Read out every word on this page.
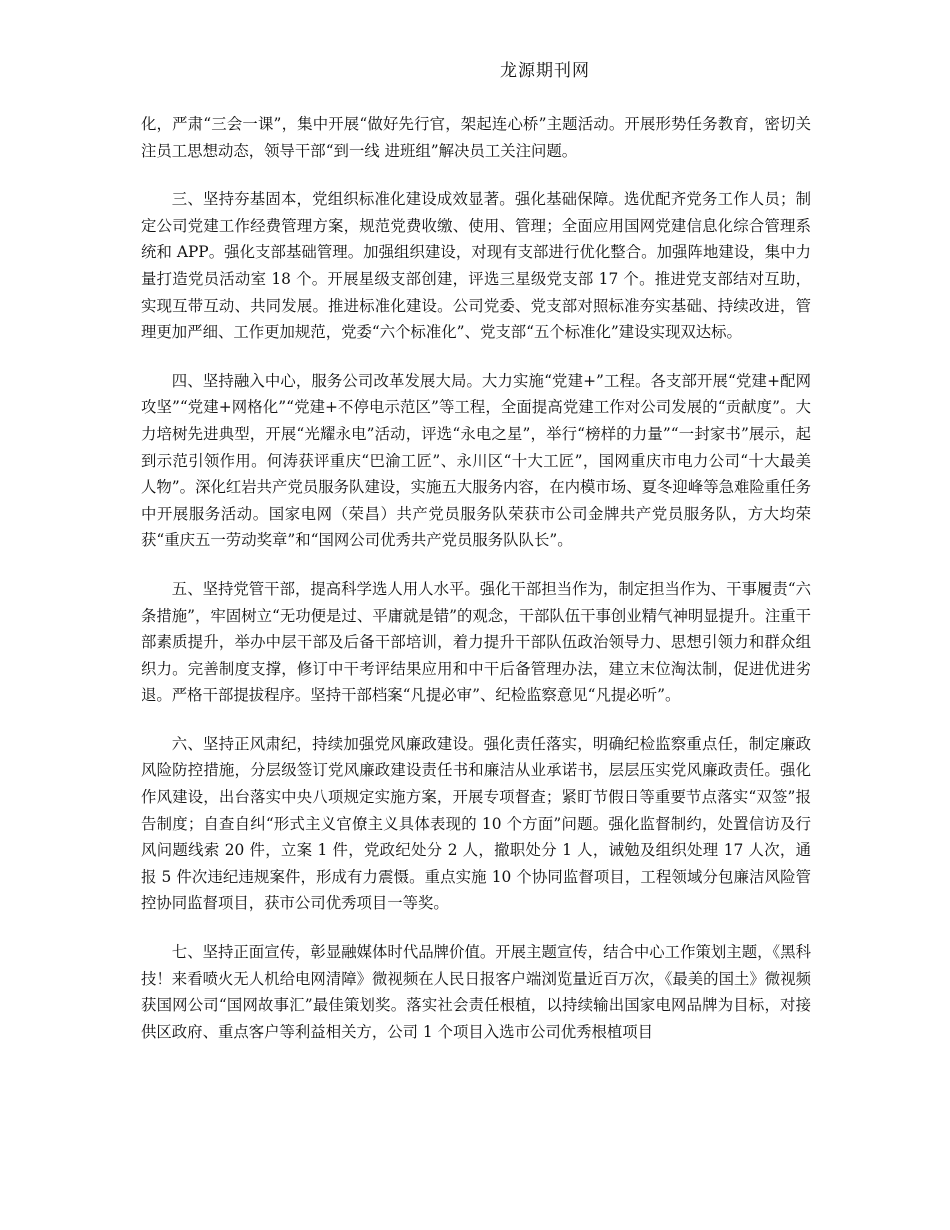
龙源期刊网

化，严肃“三会一课”，集中开展“做好先行官，架起连心桥”主题活动。开展形势任务教育，密切关注员工思想动态，领导干部“到一线 进班组”解决员工关注问题。

三、坚持夯基固本，党组织标准化建设成效显著。强化基础保障。选优配齐党务工作人员；制定公司党建工作经费管理方案，规范党费收缴、使用、管理；全面应用国网党建信息化综合管理系统和 APP。强化支部基础管理。加强组织建设，对现有支部进行优化整合。加强阵地建设，集中力量打造党员活动室 18 个。开展星级支部创建，评选三星级党支部 17 个。推进党支部结对互助，实现互带互动、共同发展。推进标准化建设。公司党委、党支部对照标准夯实基础、持续改进，管理更加严细、工作更加规范，党委“六个标准化”、党支部“五个标准化”建设实现双达标。

四、坚持融入中心，服务公司改革发展大局。大力实施“党建+”工程。各支部开展“党建+配网攻坚”“党建+网格化”“党建+不停电示范区”等工程，全面提高党建工作对公司发展的“贡献度”。大力培树先进典型，开展“光耀永电”活动，评选“永电之星”，举行“榜样的力量”“一封家书”展示，起到示范引领作用。何涛获评重庆“巴渝工匠”、永川区“十大工匠”，国网重庆市电力公司“十大最美人物”。深化红岩共产党员服务队建设，实施五大服务内容，在内模市场、夏冬迎峰等急难险重任务中开展服务活动。国家电网（荣昌）共产党员服务队荣获市公司金牌共产党员服务队，方大均荣获“重庆五一劳动奖章”和“国网公司优秀共产党员服务队队长”。

五、坚持党管干部，提高科学选人用人水平。强化干部担当作为，制定担当作为、干事履责“六条措施”，牢固树立“无功便是过、平庸就是错”的观念，干部队伍干事创业精气神明显提升。注重干部素质提升，举办中层干部及后备干部培训，着力提升干部队伍政治领导力、思想引领力和群众组织力。完善制度支撑，修订中干考评结果应用和中干后备管理办法，建立末位淘汰制，促进优进劣退。严格干部提拔程序。坚持干部档案“凡提必审”、纪检监察意见“凡提必听”。

六、坚持正风肃纪，持续加强党风廉政建设。强化责任落实，明确纪检监察重点任，制定廉政风险防控措施，分层级签订党风廉政建设责任书和廉洁从业承诺书，层层压实党风廉政责任。强化作风建设，出台落实中央八项规定实施方案，开展专项督查；紧盯节假日等重要节点落实“双签”报告制度；自查自纠“形式主义官僚主义具体表现的 10 个方面”问题。强化监督制约，处置信访及行风问题线索 20 件，立案 1 件，党政纪处分 2 人，撤职处分 1 人，诫勉及组织处理 17 人次，通报 5 件次违纪违规案件，形成有力震慑。重点实施 10 个协同监督项目，工程领域分包廉洁风险管控协同监督项目，获市公司优秀项目一等奖。

七、坚持正面宣传，彰显融媒体时代品牌价值。开展主题宣传，结合中心工作策划主题，《黑科技！来看喷火无人机给电网清障》微视频在人民日报客户端浏览量近百万次，《最美的国土》微视频获国网公司“国网故事汇”最佳策划奖。落实社会责任根植，以持续输出国家电网品牌为目标，对接供区政府、重点客户等利益相关方，公司 1 个项目入选市公司优秀根植项目
